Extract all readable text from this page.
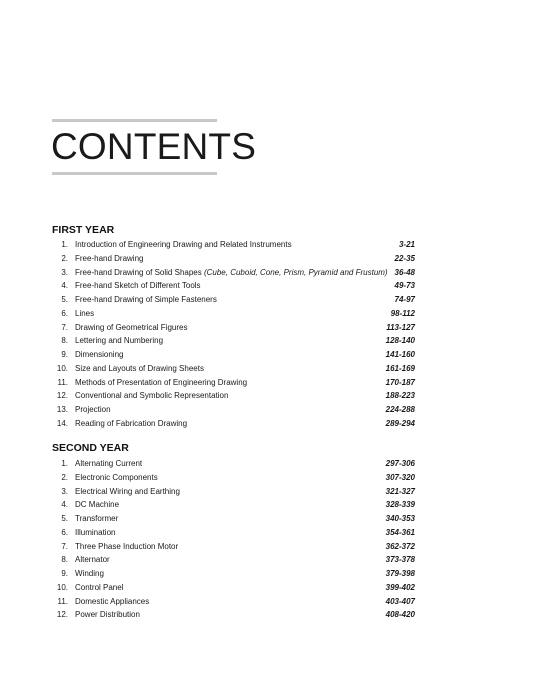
CONTENTS
FIRST YEAR
1. Introduction of Engineering Drawing and Related Instruments	3-21
2. Free-hand Drawing	22-35
3. Free-hand Drawing of Solid Shapes (Cube, Cuboid, Cone, Prism, Pyramid and Frustum) 36-48
4. Free-hand Sketch of Different Tools	49-73
5. Free-hand Drawing of Simple Fasteners	74-97
6. Lines	98-112
7. Drawing of Geometrical Figures	113-127
8. Lettering and Numbering	128-140
9. Dimensioning	141-160
10. Size and Layouts of Drawing Sheets	161-169
11. Methods of Presentation of Engineering Drawing	170-187
12. Conventional and Symbolic Representation	188-223
13. Projection	224-288
14. Reading of Fabrication Drawing	289-294
SECOND YEAR
1. Alternating Current	297-306
2. Electronic Components	307-320
3. Electrical Wiring and Earthing	321-327
4. DC Machine	328-339
5. Transformer	340-353
6. Illumination	354-361
7. Three Phase Induction Motor	362-372
8. Alternator	373-378
9. Winding	379-398
10. Control Panel	399-402
11. Domestic Appliances	403-407
12. Power Distribution	408-420
